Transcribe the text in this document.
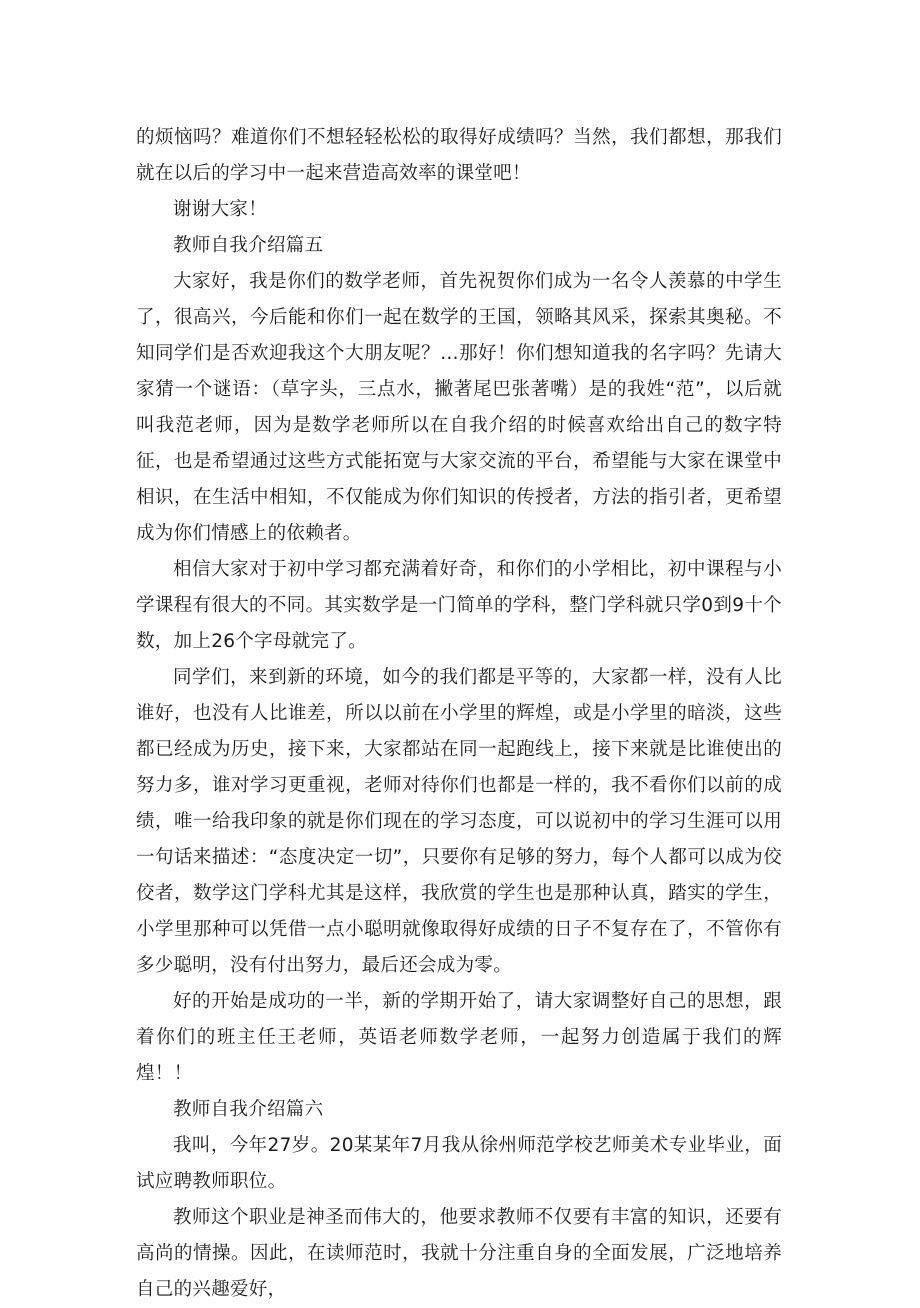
的烦恼吗？难道你们不想轻轻松松的取得好成绩吗？当然，我们都想，那我们就在以后的学习中一起来营造高效率的课堂吧！

谢谢大家！

教师自我介绍篇五

大家好，我是你们的数学老师，首先祝贺你们成为一名令人羡慕的中学生了，很高兴，今后能和你们一起在数学的王国，领略其风采，探索其奥秘。不知同学们是否欢迎我这个大朋友呢？…那好！你们想知道我的名字吗？先请大家猜一个谜语：（草字头，三点水，撇著尾巴张著嘴）是的我姓“范”，以后就叫我范老师，因为是数学老师所以在自我介绍的时候喜欢给出自己的数字特征，也是希望通过这些方式能拓宽与大家交流的平台，希望能与大家在课堂中相识，在生活中相知，不仅能成为你们知识的传授者，方法的指引者，更希望成为你们情感上的依赖者。

相信大家对于初中学习都充满着好奇，和你们的小学相比，初中课程与小学课程有很大的不同。其实数学是一门简单的学科，整门学科就只学0到9十个数，加上26个字母就完了。

同学们，来到新的环境，如今的我们都是平等的，大家都一样，没有人比谁好，也没有人比谁差，所以以前在小学里的辉煌，或是小学里的暗淡，这些都已经成为历史，接下来，大家都站在同一起跑线上，接下来就是比谁使出的努力多，谁对学习更重视，老师对待你们也都是一样的，我不看你们以前的成绩，唯一给我印象的就是你们现在的学习态度，可以说初中的学习生涯可以用一句话来描述：“态度决定一切”，只要你有足够的努力，每个人都可以成为佼佼者，数学这门学科尤其是这样，我欣赏的学生也是那种认真，踏实的学生，小学里那种可以凭借一点小聪明就像取得好成绩的日子不复存在了，不管你有多少聪明，没有付出努力，最后还会成为零。

好的开始是成功的一半，新的学期开始了，请大家调整好自己的思想，跟着你们的班主任王老师，英语老师数学老师，一起努力创造属于我们的辉煌！！

教师自我介绍篇六

我叫，今年27岁。20某某年7月我从徐州师范学校艺师美术专业毕业，面试应聘教师职位。

教师这个职业是神圣而伟大的，他要求教师不仅要有丰富的知识，还要有高尚的情操。因此，在读师范时，我就十分注重自身的全面发展，广泛地培养自己的兴趣爱好，
